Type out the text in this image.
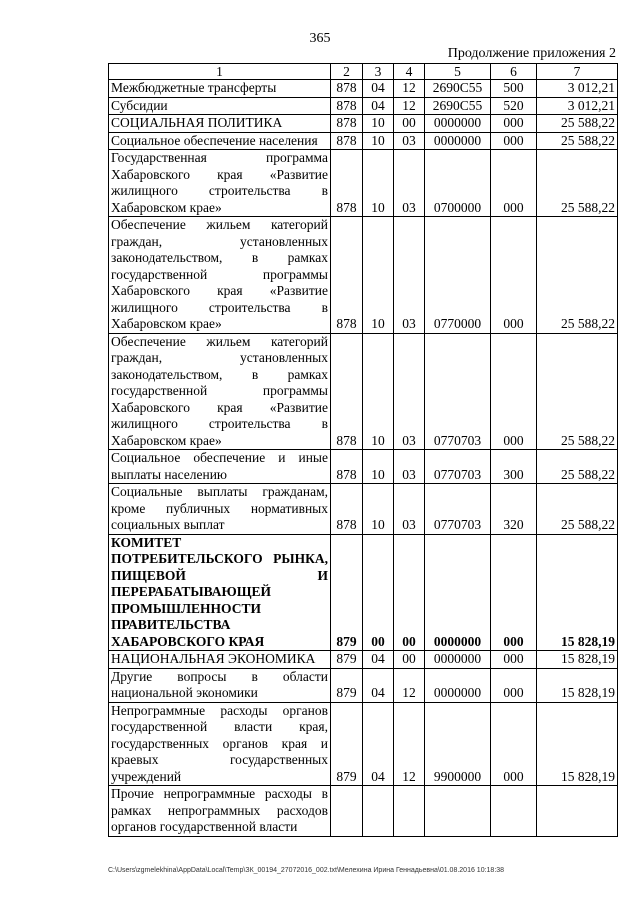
365

Продолжение приложения 2

1	2	3	4	5	6	7
Межбюджетные трансферты	878	04	12	2690С55	500	3 012,21
Субсидии	878	04	12	2690С55	520	3 012,21
СОЦИАЛЬНАЯ ПОЛИТИКА	878	10	00	0000000	000	25 588,22
Социальное обеспечение населения	878	10	03	0000000	000	25 588,22
Государственная программа Хабаровского края «Развитие жилищного строительства в Хабаровском крае»	878	10	03	0700000	000	25 588,22
Обеспечение жильем категорий граждан, установленных законодательством, в рамках государственной программы Хабаровского края «Развитие жилищного строительства в Хабаровском крае»	878	10	03	0770000	000	25 588,22
Обеспечение жильем категорий граждан, установленных законодательством, в рамках государственной программы Хабаровского края «Развитие жилищного строительства в Хабаровском крае»	878	10	03	0770703	000	25 588,22
Социальное обеспечение и иные выплаты населению	878	10	03	0770703	300	25 588,22
Социальные выплаты гражданам, кроме публичных нормативных социальных выплат	878	10	03	0770703	320	25 588,22
КОМИТЕТ ПОТРЕБИТЕЛЬСКОГО РЫНКА, ПИЩЕВОЙ И ПЕРЕРАБАТЫВАЮЩЕЙ ПРОМЫШЛЕННОСТИ ПРАВИТЕЛЬСТВА ХАБАРОВСКОГО КРАЯ	879	00	00	0000000	000	15 828,19
НАЦИОНАЛЬНАЯ ЭКОНОМИКА	879	04	00	0000000	000	15 828,19
Другие вопросы в области национальной экономики	879	04	12	0000000	000	15 828,19
Непрограммные расходы органов государственной власти края, государственных органов края и краевых государственных учреждений	879	04	12	9900000	000	15 828,19
Прочие непрограммные расходы в рамках непрограммных расходов органов государственной власти						

C:\Users\zgmelekhina\AppData\Local\Temp\ЗК_00194_27072016_002.txt\Мелехина Ирина Геннадьевна\01.08.2016 10:18:38
